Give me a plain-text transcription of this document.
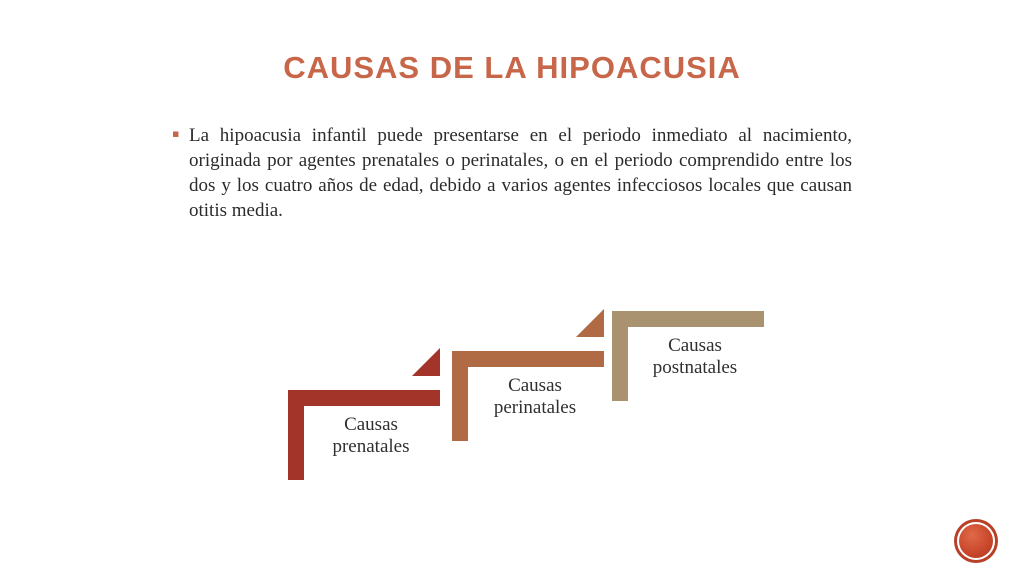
CAUSAS DE LA HIPOACUSIA
▪ La hipoacusia infantil puede presentarse en el periodo inmediato al nacimiento, originada por agentes prenatales o perinatales, o en el periodo comprendido entre los dos y los cuatro años de edad, debido a varios agentes infecciosos locales que causan otitis media.

Causas prenatales
Causas perinatales
Causas postnatales
